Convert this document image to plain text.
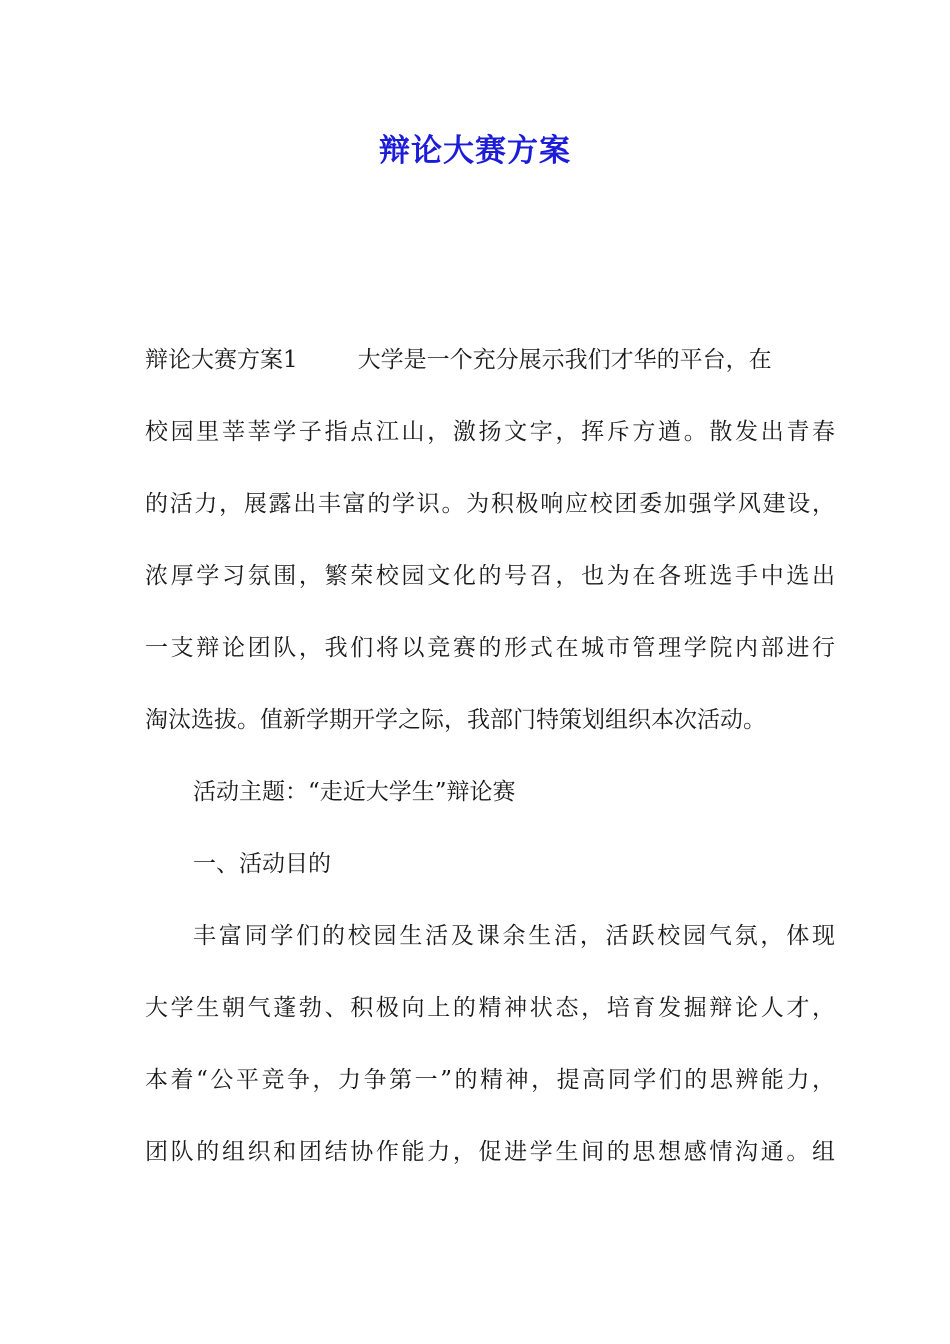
辩论大赛方案
辩论大赛方案1	大学是一个充分展示我们才华的平台，在
校园里莘莘学子指点江山，激扬文字，挥斥方遒。散发出青春
的活力，展露出丰富的学识。为积极响应校团委加强学风建设，
浓厚学习氛围，繁荣校园文化的号召，也为在各班选手中选出
一支辩论团队，我们将以竞赛的形式在城市管理学院内部进行
淘汰选拔。值新学期开学之际，我部门特策划组织本次活动。
活动主题：“走近大学生”辩论赛
一、活动目的
丰富同学们的校园生活及课余生活，活跃校园气氛，体现
大学生朝气蓬勃、积极向上的精神状态，培育发掘辩论人才，
本着“公平竞争，力争第一”的精神，提高同学们的思辨能力，
团队的组织和团结协作能力，促进学生间的思想感情沟通。组
